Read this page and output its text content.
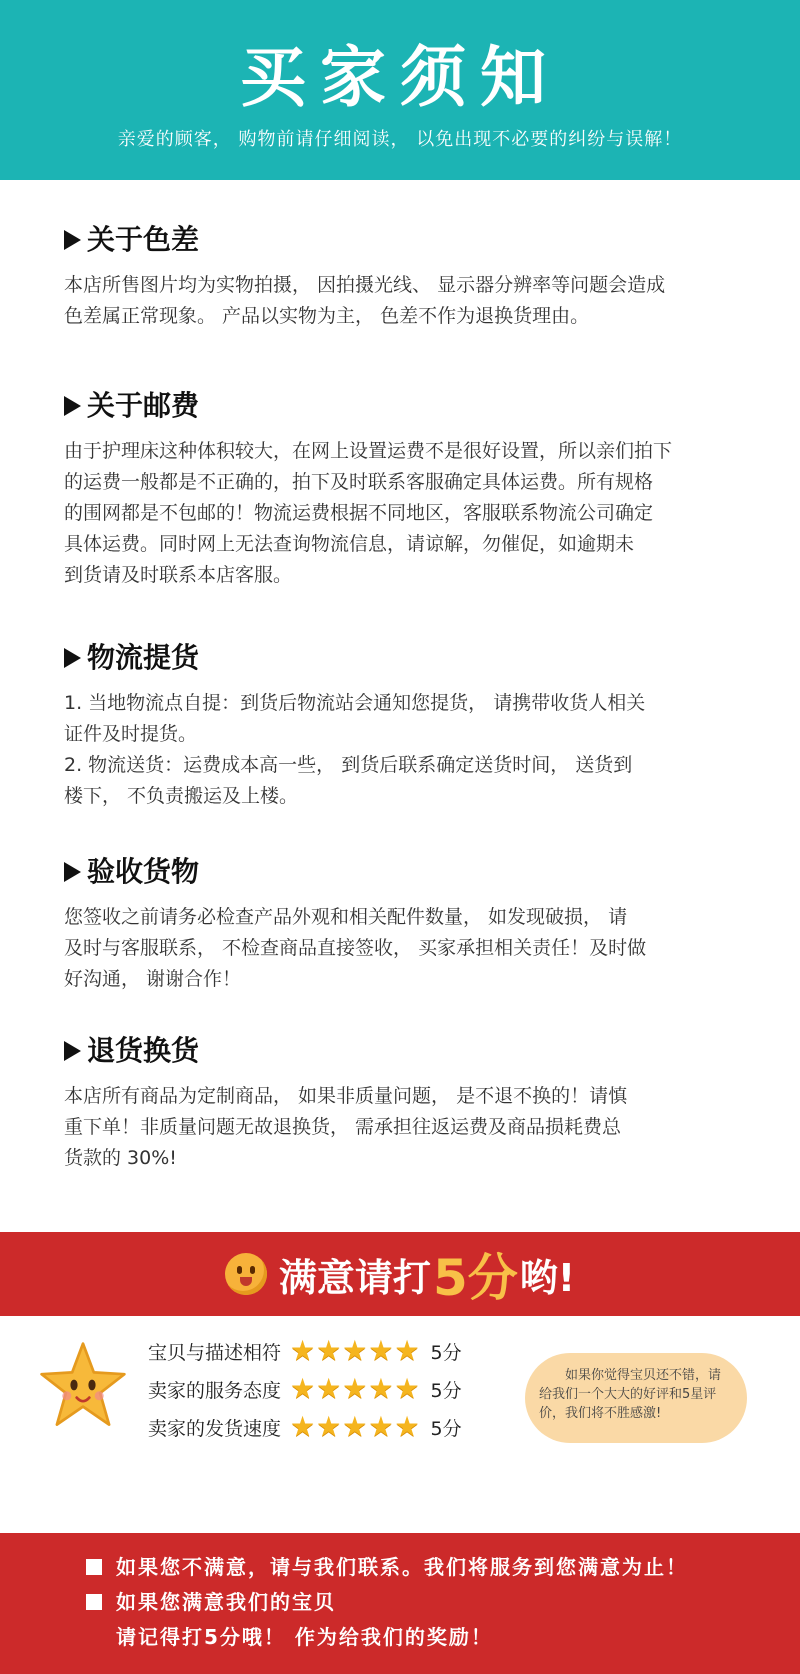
买家须知
亲爱的顾客， 购物前请仔细阅读， 以免出现不必要的纠纷与误解！
关于色差

本店所售图片均为实物拍摄， 因拍摄光线、 显示器分辨率等问题会造成

色差属正常现象。 产品以实物为主， 色差不作为退换货理由。

关于邮费

由于护理床这种体积较大，在网上设置运费不是很好设置，所以亲们拍下

的运费一般都是不正确的，拍下及时联系客服确定具体运费。所有规格

的围网都是不包邮的！物流运费根据不同地区，客服联系物流公司确定

具体运费。同时网上无法查询物流信息，请谅解，勿催促，如逾期未

到货请及时联系本店客服。

物流提货

1. 当地物流点自提：到货后物流站会通知您提货， 请携带收货人相关

证件及时提货。

2. 物流送货：运费成本高一些， 到货后联系确定送货时间， 送货到

楼下， 不负责搬运及上楼。

验收货物

您签收之前请务必检查产品外观和相关配件数量， 如发现破损， 请

及时与客服联系， 不检查商品直接签收， 买家承担相关责任！及时做

好沟通， 谢谢合作！

退货换货

本店所有商品为定制商品， 如果非质量问题， 是不退不换的！请慎

重下单！非质量问题无故退换货， 需承担往返运费及商品损耗费总

货款的 30%!

满意请打 5分 哟!
宝贝与描述相符 ★ ★ ★ ★ ★ 5分
卖家的服务态度 ★ ★ ★ ★ ★ 5分
卖家的发货速度 ★ ★ ★ ★ ★ 5分
如果你觉得宝贝还不错，请给我们一个大大的好评和5星评价，我们将不胜感激!
如果您不满意，请与我们联系。我们将服务到您满意为止！
如果您满意我们的宝贝
请记得打5分哦！ 作为给我们的奖励！
